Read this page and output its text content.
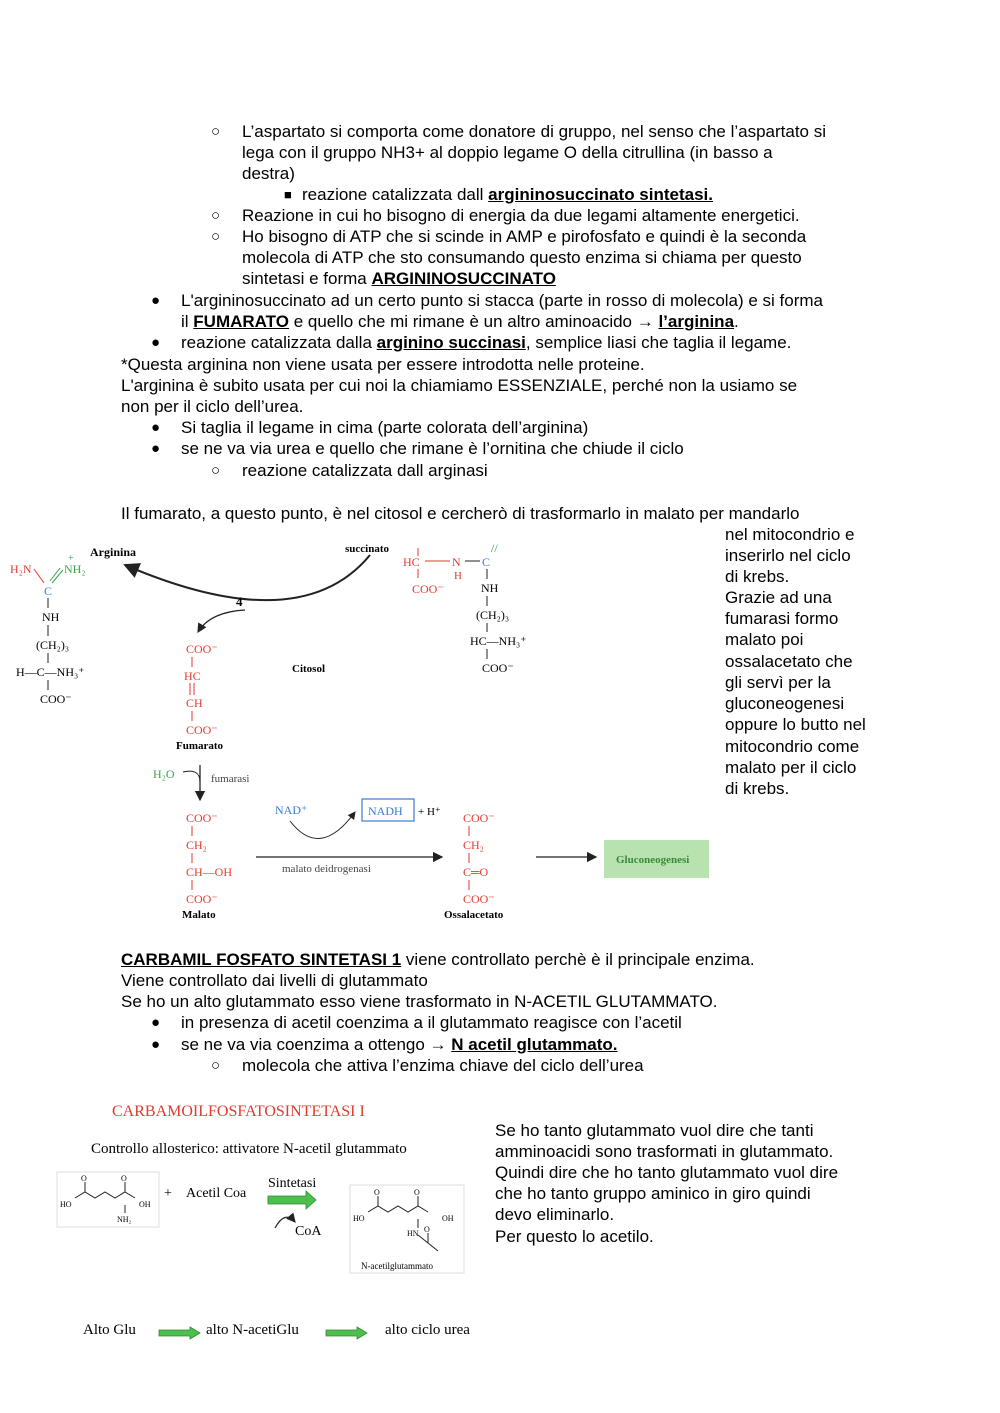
○ L’aspartato si comporta come donatore di gruppo, nel senso che l’aspartato si
lega con il gruppo NH3+ al doppio legame O della citrullina (in basso a
destra)
■ reazione catalizzata dall argininosuccinato sintetasi.
○ Reazione in cui ho bisogno di energia da due legami altamente energetici.
○ Ho bisogno di ATP che si scinde in AMP e pirofosfato e quindi è la seconda
molecola di ATP che sto consumando questo enzima si chiama per questo
sintetasi e forma ARGININOSUCCINATO
● L'argininosuccinato ad un certo punto si stacca (parte in rosso di molecola) e si forma
il FUMARATO e quello che mi rimane è un altro aminoacido → l’arginina.
● reazione catalizzata dalla arginino succinasi, semplice liasi che taglia il legame.
*Questa arginina non viene usata per essere introdotta nelle proteine.
L'arginina è subito usata per cui noi la chiamiamo ESSENZIALE, perché non la usiamo se
non per il ciclo dell’urea.
● Si taglia il legame in cima (parte colorata dell’arginina)
● se ne va via urea e quello che rimane è l’ornitina che chiude il ciclo
○ reazione catalizzata dall arginasi
Il fumarato, a questo punto, è nel citosol e cercherò di trasformarlo in malato per mandarlo
nel mitocondrio e
inserirlo nel ciclo
di krebs.
Grazie ad una
fumarasi formo
malato poi
ossalacetato che
gli servì per la
gluconeogenesi
oppure lo butto nel
mitocondrio come
malato per il ciclo
di krebs.
H₂N
+
NH₂
C
NH
(CH₂)₃
H—C—NH₃⁺
COO⁻
Arginina	succinato
4
HC	N
H
C
//
COO⁻	NH
(CH₂)₃
HC—NH₃⁺
COO⁻
Citosol
COO⁻
HC
CH
COO⁻
Fumarato
H₂O	fumarasi
COO⁻
CH₂
CH—OH
COO⁻
Malato
NAD⁺	NADH + H⁺
malato deidrogenasi
COO⁻
CH₂
C═O
COO⁻
Ossalacetato
Gluconeogenesi
CARBAMIL FOSFATO SINTETASI 1 viene controllato perchè è il principale enzima.
Viene controllato dai livelli di glutammato
Se ho un alto glutammato esso viene trasformato in N-ACETIL GLUTAMMATO.
● in presenza di acetil coenzima a il glutammato reagisce con l’acetil
● se ne va via coenzima a ottengo → N acetil glutammato.
○ molecola che attiva l’enzima chiave del ciclo dell’urea
CARBAMOILFOSFATOSINTETASI I
Controllo allosterico: attivatore N-acetil glutammato
O	O
HO	OH
NH₂
+ Acetil Coa
Sintetasi
CoA
O	O
O
HO	OH
HN
N-acetilglutammato
Se ho tanto glutammato vuol dire che tanti
amminoacidi sono trasformati in glutammato.
Quindi dire che ho tanto glutammato vuol dire
che ho tanto gruppo aminico in giro quindi
devo eliminarlo.
Per questo lo acetilo.
Alto Glu	alto N-acetiGlu	alto ciclo urea
